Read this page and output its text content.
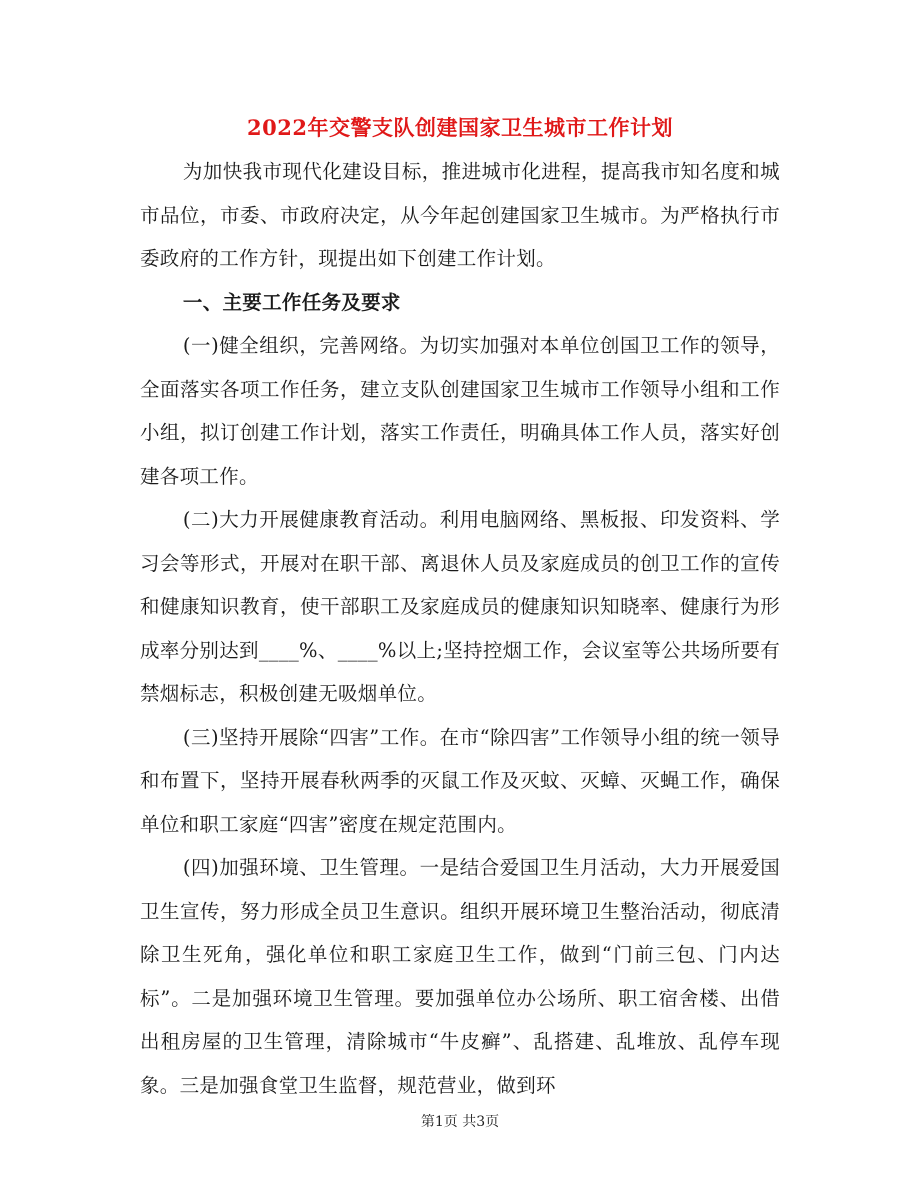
2022年交警支队创建国家卫生城市工作计划

为加快我市现代化建设目标，推进城市化进程，提高我市知名度和城市品位，市委、市政府决定，从今年起创建国家卫生城市。为严格执行市委政府的工作方针，现提出如下创建工作计划。

一、主要工作任务及要求

(一)健全组织，完善网络。为切实加强对本单位创国卫工作的领导，全面落实各项工作任务，建立支队创建国家卫生城市工作领导小组和工作小组，拟订创建工作计划，落实工作责任，明确具体工作人员，落实好创建各项工作。

(二)大力开展健康教育活动。利用电脑网络、黑板报、印发资料、学习会等形式，开展对在职干部、离退休人员及家庭成员的创卫工作的宣传和健康知识教育，使干部职工及家庭成员的健康知识知晓率、健康行为形成率分别达到____%、____%以上;坚持控烟工作，会议室等公共场所要有禁烟标志，积极创建无吸烟单位。

(三)坚持开展除“四害”工作。在市“除四害”工作领导小组的统一领导和布置下，坚持开展春秋两季的灭鼠工作及灭蚊、灭蟑、灭蝇工作，确保单位和职工家庭“四害”密度在规定范围内。

(四)加强环境、卫生管理。一是结合爱国卫生月活动，大力开展爱国卫生宣传，努力形成全员卫生意识。组织开展环境卫生整治活动，彻底清除卫生死角，强化单位和职工家庭卫生工作，做到“门前三包、门内达标”。二是加强环境卫生管理。要加强单位办公场所、职工宿舍楼、出借出租房屋的卫生管理，清除城市“牛皮癣”、乱搭建、乱堆放、乱停车现象。三是加强食堂卫生监督，规范营业，做到环

第1页 共3页
